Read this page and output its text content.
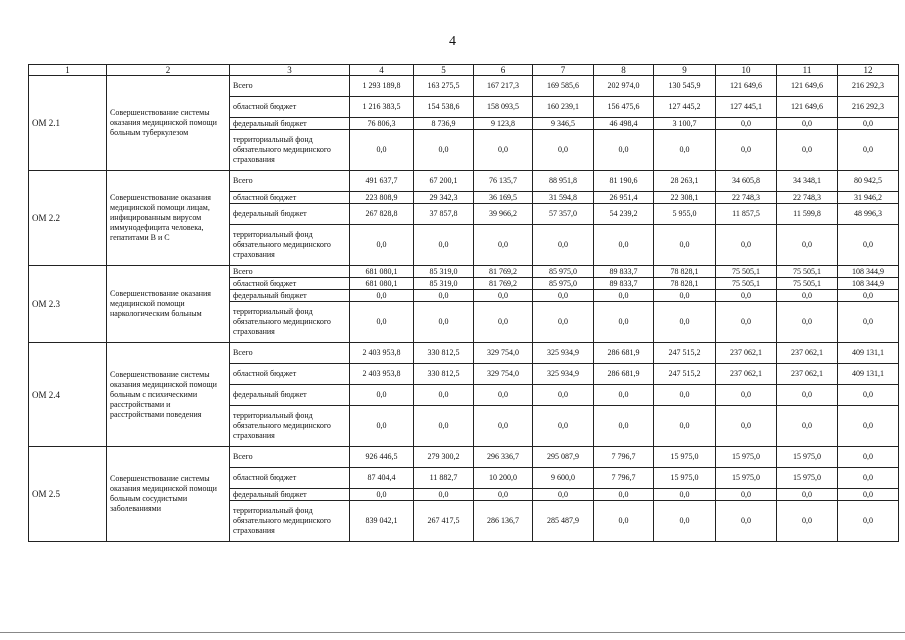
4
1	2	3	4	5	6	7	8	9	10	11	12
ОМ 2.1	Совершенствование системы оказания медицинской помощи больным туберкулезом	Всего	1 293 189,8	163 275,5	167 217,3	169 585,6	202 974,0	130 545,9	121 649,6	121 649,6	216 292,3
		областной бюджет	1 216 383,5	154 538,6	158 093,5	160 239,1	156 475,6	127 445,2	127 445,1	121 649,6	216 292,3
		федеральный бюджет	76 806,3	8 736,9	9 123,8	9 346,5	46 498,4	3 100,7	0,0	0,0	0,0
		территориальный фонд обязательного медицинского страхования	0,0	0,0	0,0	0,0	0,0	0,0	0,0	0,0	0,0
ОМ 2.2	Совершенствование оказания медицинской помощи лицам, инфицированным вирусом иммунодефицита человека, гепатитами B и C	Всего	491 637,7	67 200,1	76 135,7	88 951,8	81 190,6	28 263,1	34 605,8	34 348,1	80 942,5
		областной бюджет	223 808,9	29 342,3	36 169,5	31 594,8	26 951,4	22 308,1	22 748,3	22 748,3	31 946,2
		федеральный бюджет	267 828,8	37 857,8	39 966,2	57 357,0	54 239,2	5 955,0	11 857,5	11 599,8	48 996,3
		территориальный фонд обязательного медицинского страхования	0,0	0,0	0,0	0,0	0,0	0,0	0,0	0,0	0,0
ОМ 2.3	Совершенствование оказания медицинской помощи наркологическим больным	Всего	681 080,1	85 319,0	81 769,2	85 975,0	89 833,7	78 828,1	75 505,1	75 505,1	108 344,9
		областной бюджет	681 080,1	85 319,0	81 769,2	85 975,0	89 833,7	78 828,1	75 505,1	75 505,1	108 344,9
		федеральный бюджет	0,0	0,0	0,0	0,0	0,0	0,0	0,0	0,0	0,0
		территориальный фонд обязательного медицинского страхования	0,0	0,0	0,0	0,0	0,0	0,0	0,0	0,0	0,0
ОМ 2.4	Совершенствование системы оказания медицинской помощи больным с психическими расстройствами и расстройствами поведения	Всего	2 403 953,8	330 812,5	329 754,0	325 934,9	286 681,9	247 515,2	237 062,1	237 062,1	409 131,1
		областной бюджет	2 403 953,8	330 812,5	329 754,0	325 934,9	286 681,9	247 515,2	237 062,1	237 062,1	409 131,1
		федеральный бюджет	0,0	0,0	0,0	0,0	0,0	0,0	0,0	0,0	0,0
		территориальный фонд обязательного медицинского страхования	0,0	0,0	0,0	0,0	0,0	0,0	0,0	0,0	0,0
ОМ 2.5	Совершенствование системы оказания медицинской помощи больным сосудистыми заболеваниями	Всего	926 446,5	279 300,2	296 336,7	295 087,9	7 796,7	15 975,0	15 975,0	15 975,0	0,0
		областной бюджет	87 404,4	11 882,7	10 200,0	9 600,0	7 796,7	15 975,0	15 975,0	15 975,0	0,0
		федеральный бюджет	0,0	0,0	0,0	0,0	0,0	0,0	0,0	0,0	0,0
		территориальный фонд обязательного медицинского страхования	839 042,1	267 417,5	286 136,7	285 487,9	0,0	0,0	0,0	0,0	0,0
